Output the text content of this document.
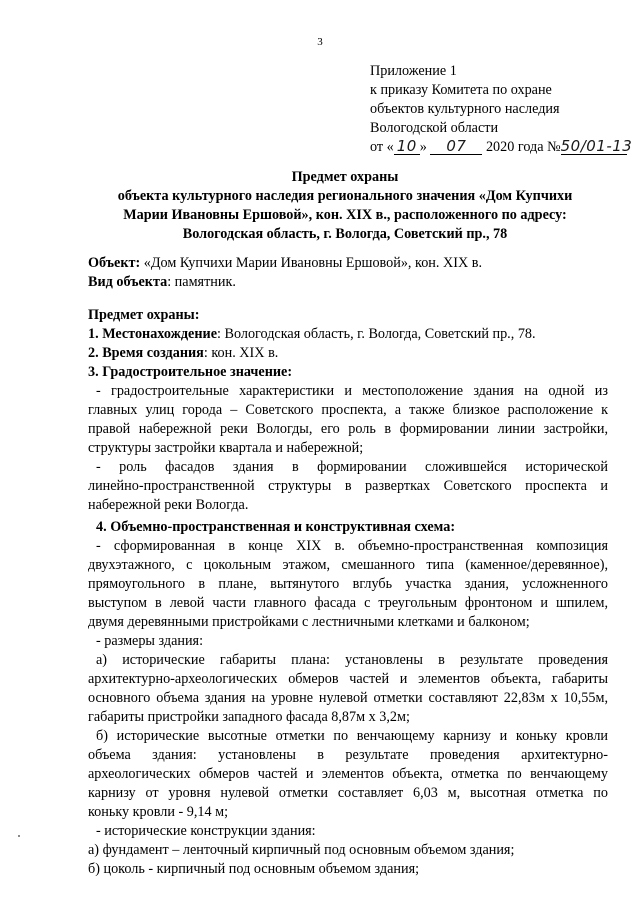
3
Приложение 1
к приказу Комитета по охране
объектов культурного наследия
Вологодской области
от « 10 » 07 2020 года №50/01-13
Предмет охраны
объекта культурного наследия регионального значения «Дом Купчихи
Марии Ивановны Ершовой», кон. XIX в., расположенного по адресу:
Вологодская область, г. Вологда, Советский пр., 78
Объект: «Дом Купчихи Марии Ивановны Ершовой», кон. XIX в.
Вид объекта: памятник.
Предмет охраны:
1. Местонахождение: Вологодская область, г. Вологда, Советский пр., 78.
2. Время создания: кон. XIX в.
3. Градостроительное значение:
- градостроительные характеристики и местоположение здания на одной из
главных улиц города – Советского проспекта, а также близкое расположение к
правой набережной реки Вологды, его роль в формировании линии застройки,
структуры застройки квартала и набережной;
- роль фасадов здания в формировании сложившейся исторической
линейно-пространственной структуры в развертках Советского проспекта и
набережной реки Вологда.
4. Объемно-пространственная и конструктивная схема:
- сформированная в конце XIX в. объемно-пространственная композиция
двухэтажного, с цокольным этажом, смешанного типа (каменное/деревянное),
прямоугольного в плане, вытянутого вглубь участка здания, усложненного
выступом в левой части главного фасада с треугольным фронтоном и шпилем,
двумя деревянными пристройками с лестничными клетками и балконом;
- размеры здания:
а) исторические габариты плана: установлены в результате проведения
архитектурно-археологических обмеров частей и элементов объекта, габариты
основного объема здания на уровне нулевой отметки составляют 22,83м х 10,55м,
габариты пристройки западного фасада 8,87м х 3,2м;
б) исторические высотные отметки по венчающему карнизу и коньку кровли
объема здания: установлены в результате проведения архитектурно-
археологических обмеров частей и элементов объекта, отметка по венчающему
карнизу от уровня нулевой отметки составляет 6,03 м, высотная отметка по
коньку кровли - 9,14 м;
- исторические конструкции здания:
а) фундамент – ленточный кирпичный под основным объемом здания;
б) цоколь - кирпичный под основным объемом здания;
